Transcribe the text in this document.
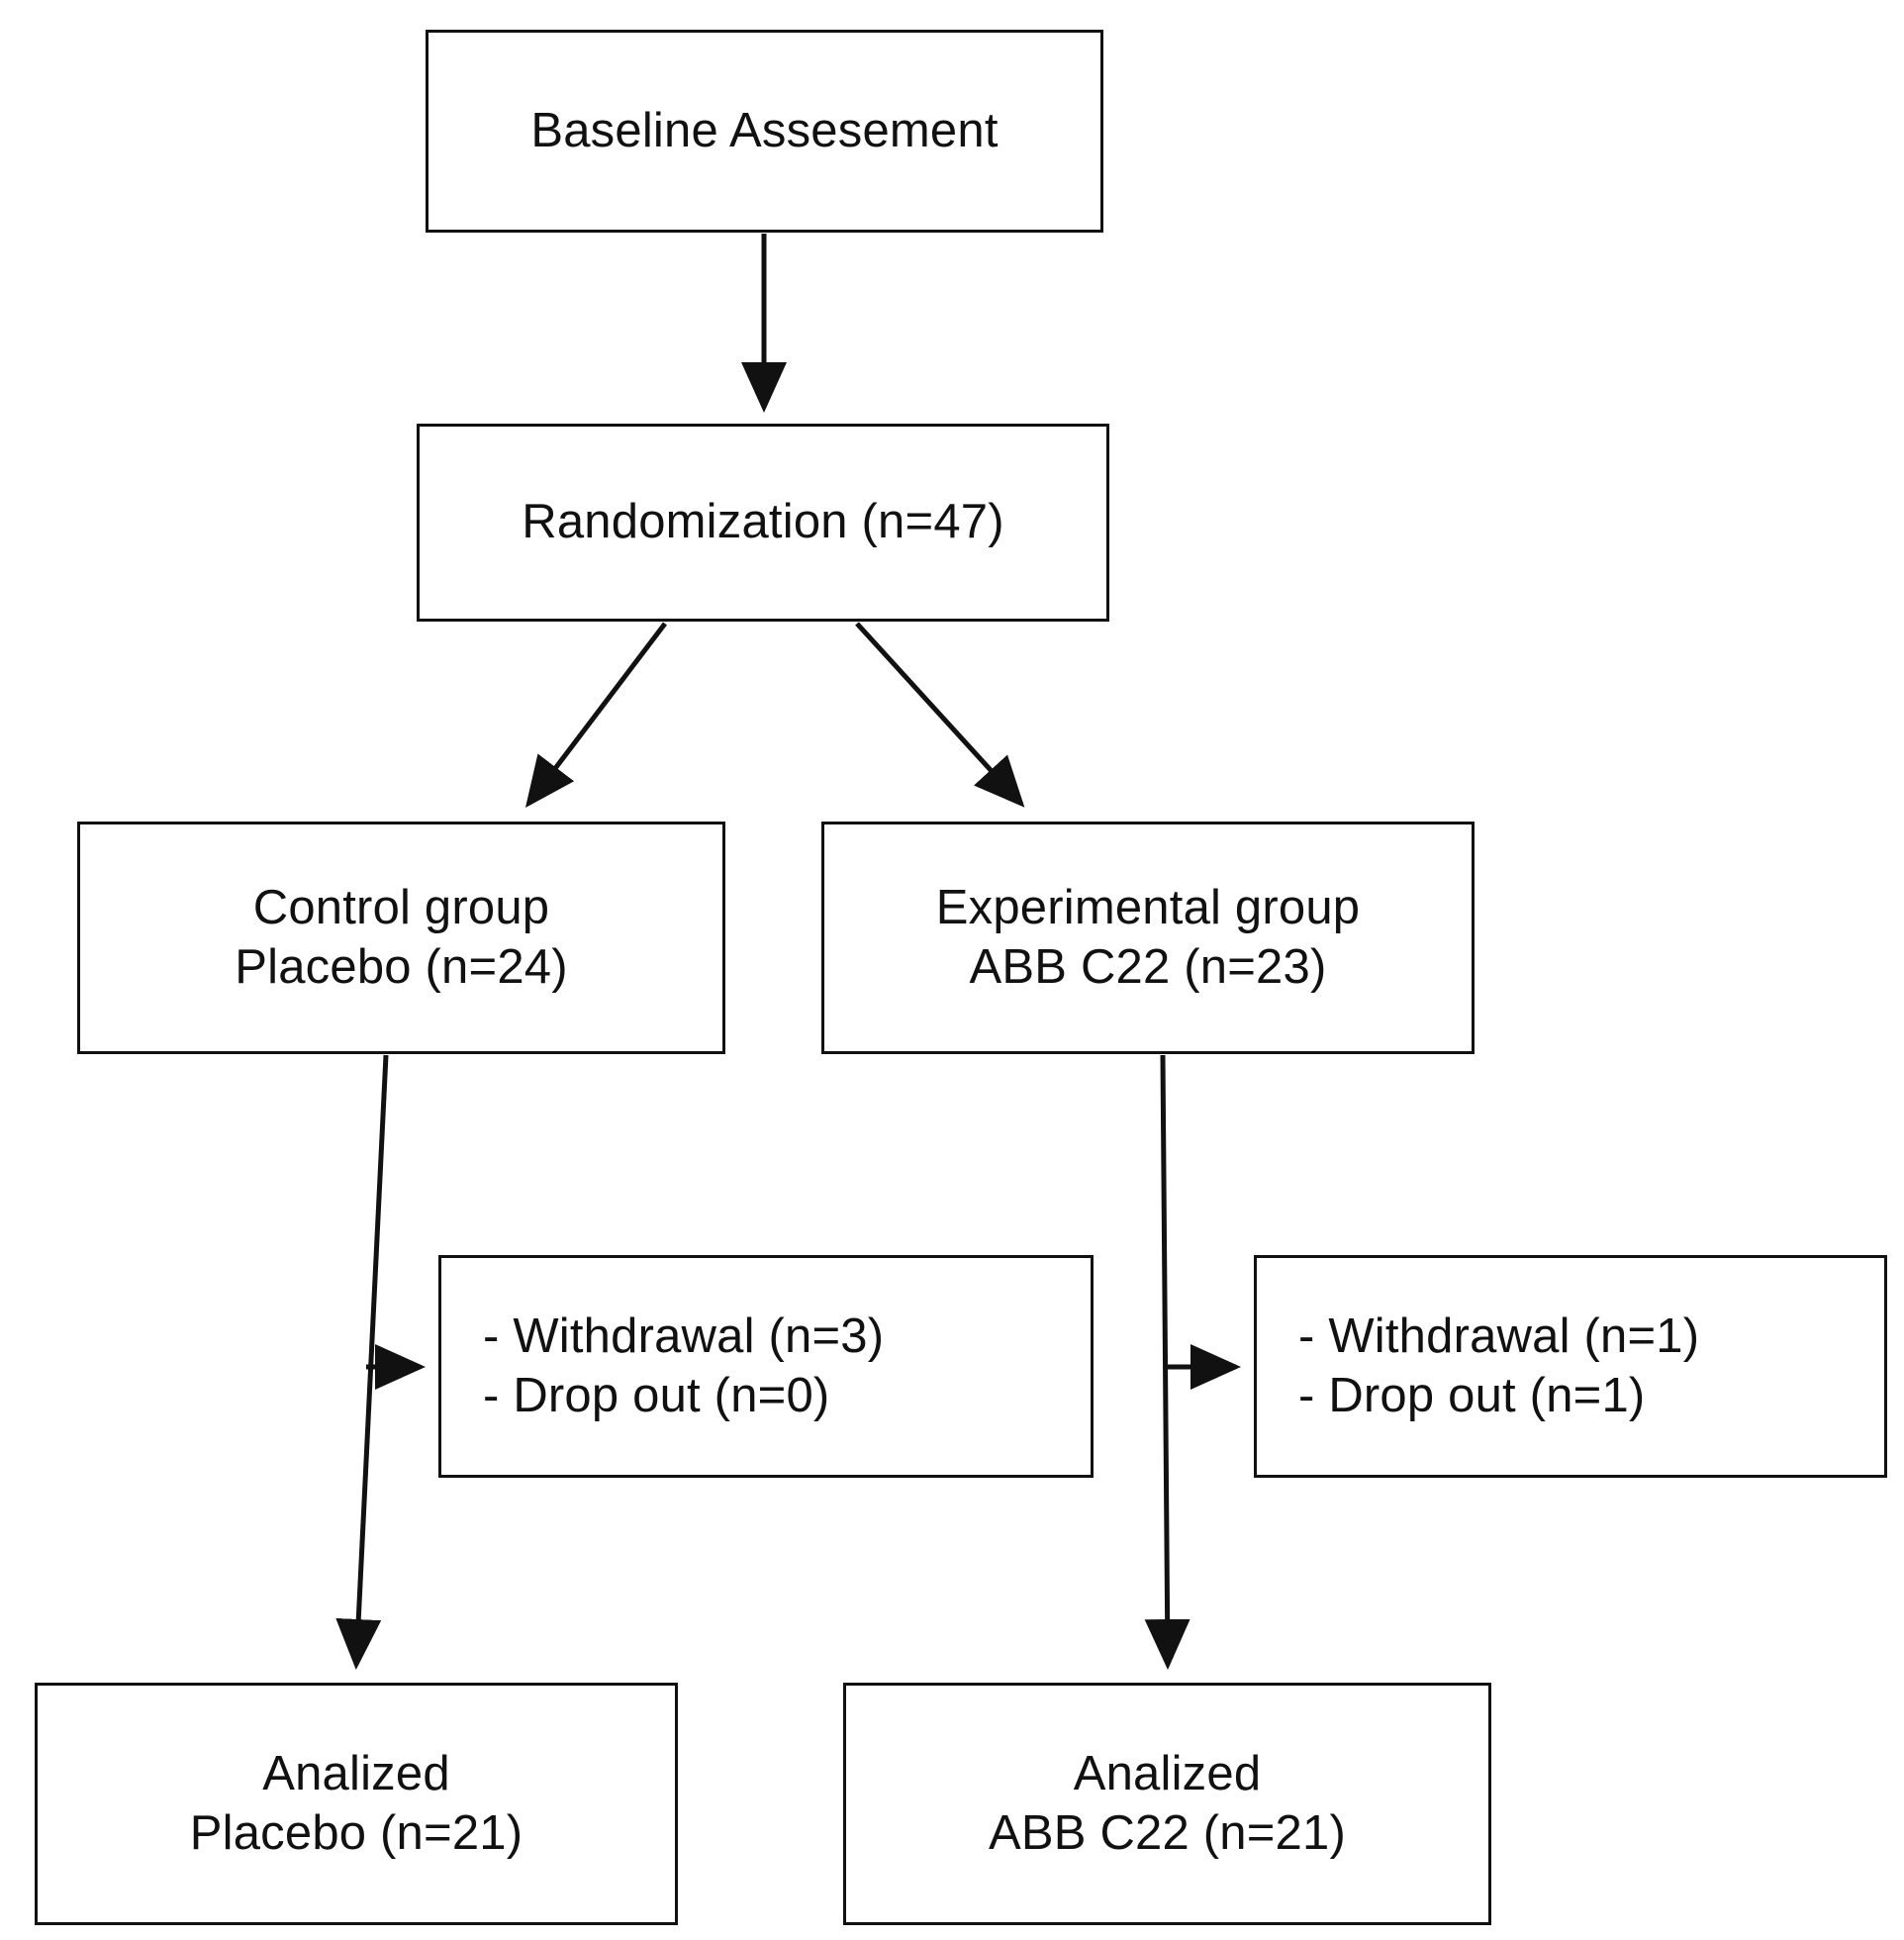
Baseline Assesement
Randomization (n=47)
Control group
Placebo (n=24)
Experimental group
ABB C22 (n=23)
- Withdrawal (n=3)
- Drop out (n=0)
- Withdrawal (n=1)
- Drop out (n=1)
Analized
Placebo (n=21)
Analized
ABB C22 (n=21)
